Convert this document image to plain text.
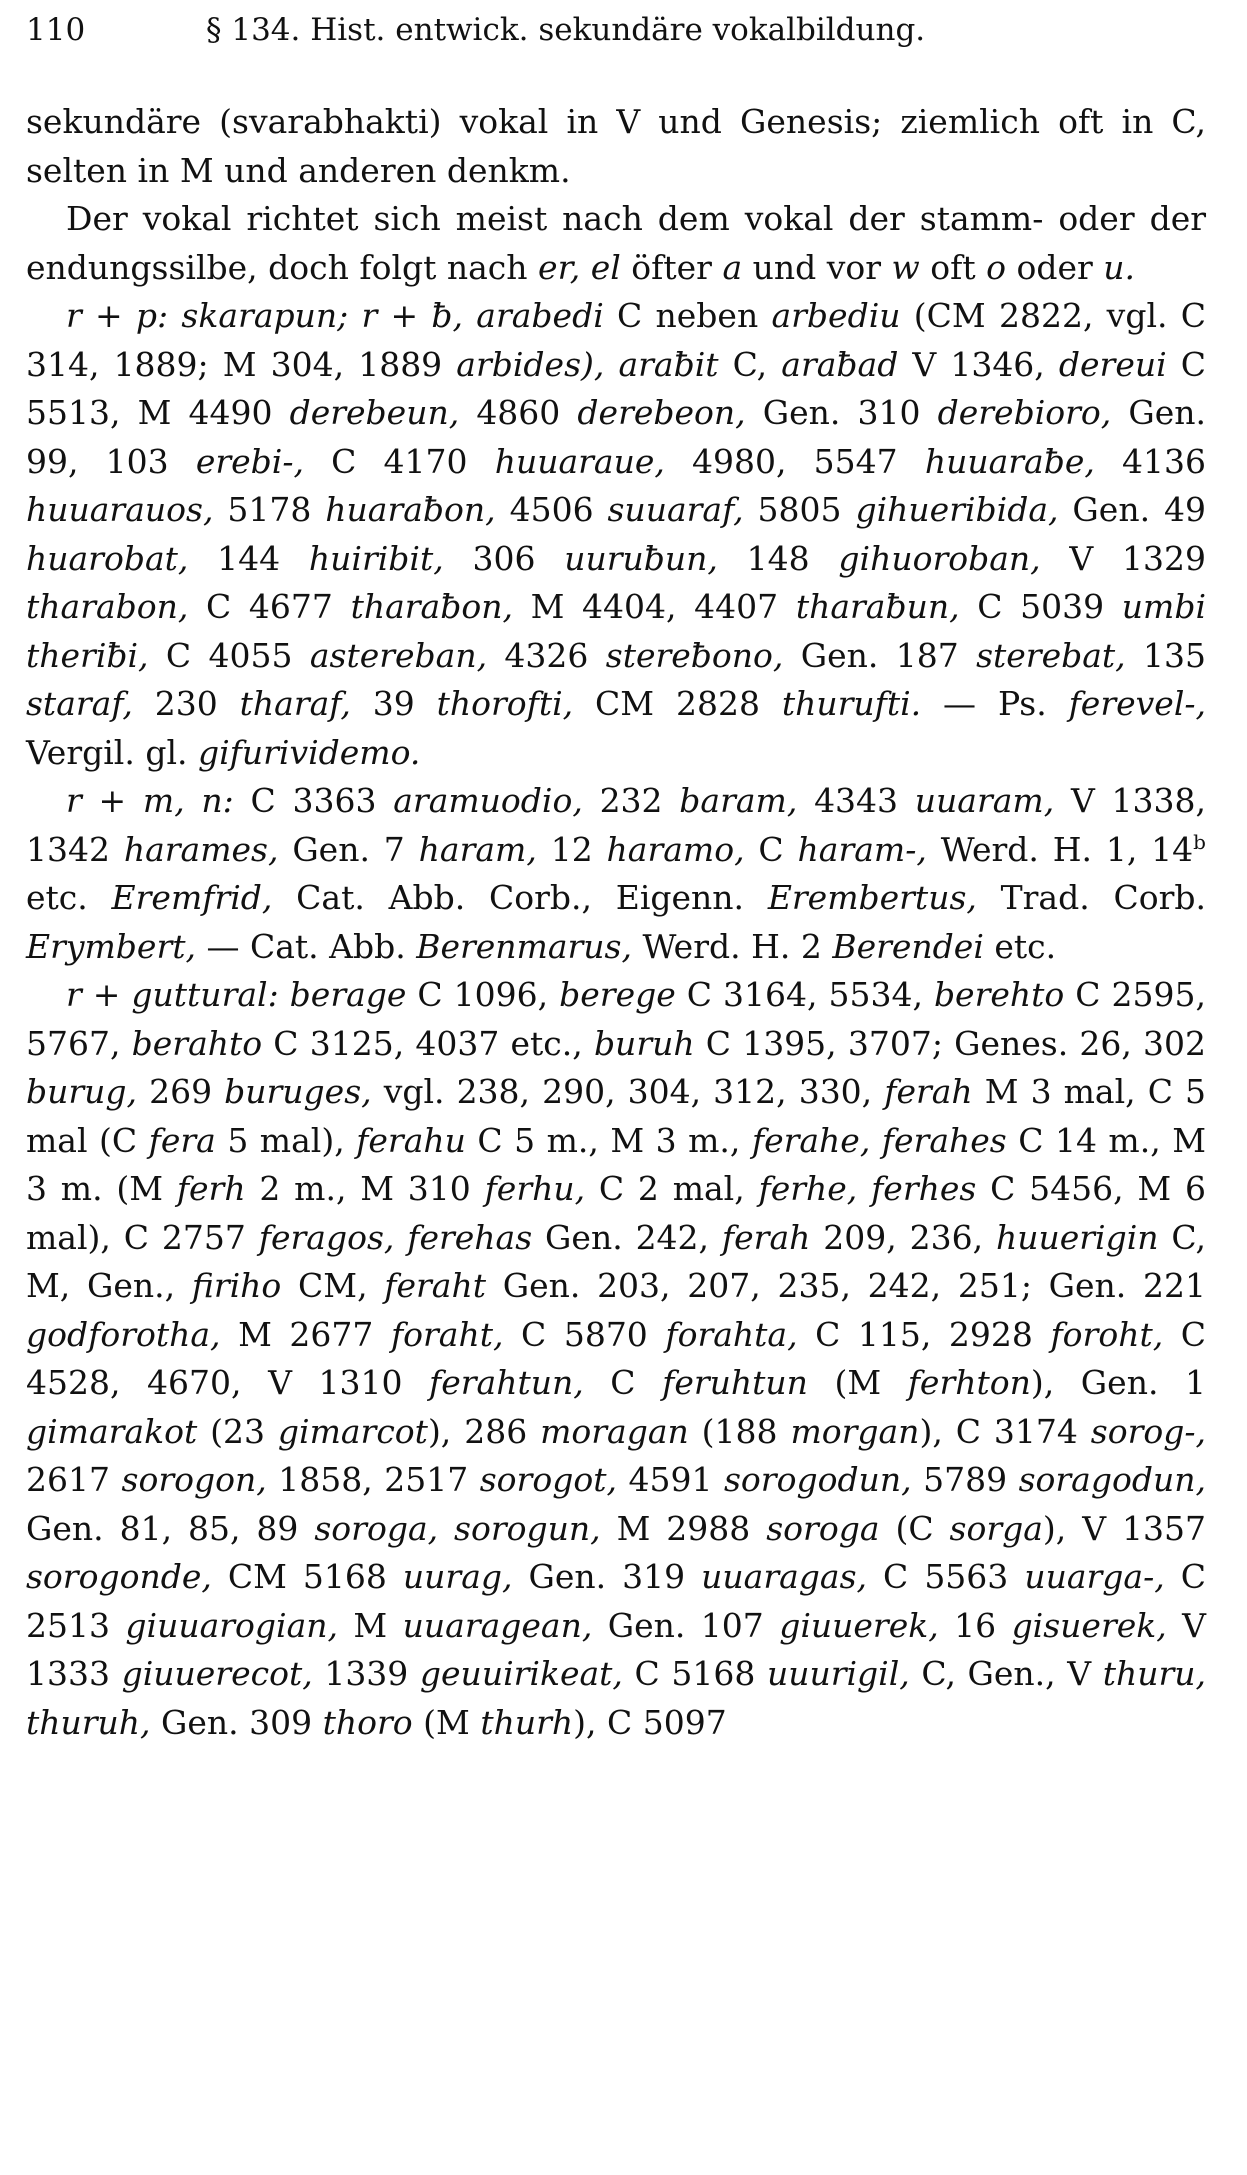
110	§ 134. Hist. entwick. sekundäre vokalbildung.

sekundäre (svarabhakti) vokal in V und Genesis; ziemlich oft in C, selten in M und anderen denkm.

Der vokal richtet sich meist nach dem vokal der stamm- oder der endungssilbe, doch folgt nach er, el öfter a und vor w oft o oder u.

r + p: skarapun; r + ƀ, arabedi C neben arbediu (CM 2822, vgl. C 314, 1889; M 304, 1889 arbides), araƀit C, araƀad V 1346, dereui C 5513, M 4490 derebeun, 4860 derebeon, Gen. 310 derebioro, Gen. 99, 103 erebi-, C 4170 huuaraue, 4980, 5547 huuaraƀe, 4136 huuarauos, 5178 huaraƀon, 4506 suuaraf, 5805 gihueribida, Gen. 49 huarobat, 144 huiribit, 306 uuruƀun, 148 gihuoroban, V 1329 tharabon, C 4677 tharaƀon, M 4404, 4407 tharaƀun, C 5039 umbi theriƀi, C 4055 astereban, 4326 stereƀono, Gen. 187 sterebat, 135 staraf, 230 tharaf, 39 thorofti, CM 2828 thurufti. — Ps. ferevel-, Vergil. gl. gifurividemo.

r + m, n: C 3363 aramuodio, 232 baram, 4343 uuaram, V 1338, 1342 harames, Gen. 7 haram, 12 haramo, C haram-, Werd. H. 1, 14$^b$ etc. Eremfrid, Cat. Abb. Corb., Eigenn. Erembertus, Trad. Corb. Erymbert, — Cat. Abb. Berenmarus, Werd. H. 2 Berendei etc.

r + guttural: berage C 1096, berege C 3164, 5534, berehto C 2595, 5767, berahto C 3125, 4037 etc., buruh C 1395, 3707; Genes. 26, 302 burug, 269 buruges, vgl. 238, 290, 304, 312, 330, ferah M 3 mal, C 5 mal (C fera 5 mal), ferahu C 5 m., M 3 m., ferahe, ferahes C 14 m., M 3 m. (M ferh 2 m., M 310 ferhu, C 2 mal, ferhe, ferhes C 5456, M 6 mal), C 2757 feragos, ferehas Gen. 242, ferah 209, 236, huuerigin C, M, Gen., firiho CM, feraht Gen. 203, 207, 235, 242, 251; Gen. 221 godforotha, M 2677 foraht, C 5870 forahta, C 115, 2928 foroht, C 4528, 4670, V 1310 ferahtun, C feruhtun (M ferhton), Gen. 1 gimarakot (23 gimarcot), 286 moragan (188 morgan), C 3174 sorog-, 2617 sorogon, 1858, 2517 sorogot, 4591 sorogodun, 5789 soragodun, Gen. 81, 85, 89 soroga, sorogun, M 2988 soroga (C sorga), V 1357 sorogonde, CM 5168 uurag, Gen. 319 uuaragas, C 5563 uuarga-, C 2513 giuuarogian, M uuaragean, Gen. 107 giuuerek, 16 gisuerek, V 1333 giuuerecot, 1339 geuuirikeat, C 5168 uuurigil, C, Gen., V thuru, thuruh, Gen. 309 thoro (M thurh), C 5097
